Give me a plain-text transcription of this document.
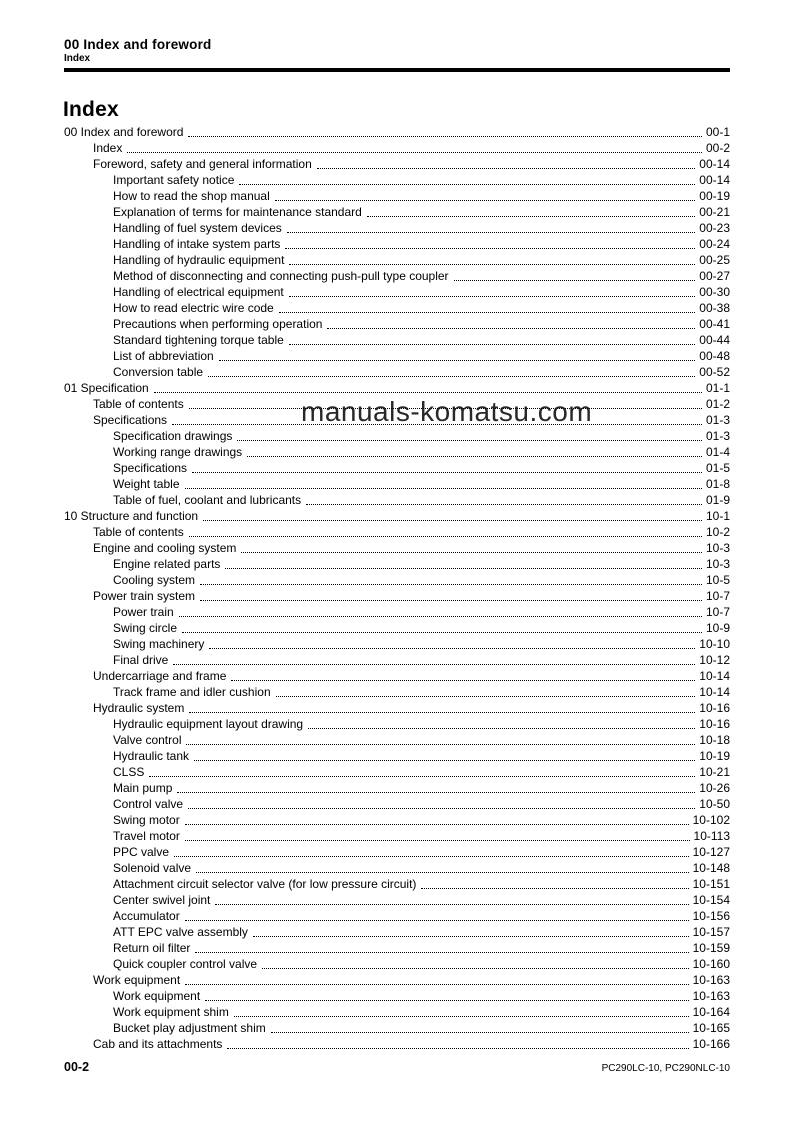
00 Index and foreword
Index
Index
00 Index and foreword	00-1
Index	00-2
Foreword, safety and general information	00-14
Important safety notice	00-14
How to read the shop manual	00-19
Explanation of terms for maintenance standard	00-21
Handling of fuel system devices	00-23
Handling of intake system parts	00-24
Handling of hydraulic equipment	00-25
Method of disconnecting and connecting push-pull type coupler	00-27
Handling of electrical equipment	00-30
How to read electric wire code	00-38
Precautions when performing operation	00-41
Standard tightening torque table	00-44
List of abbreviation	00-48
Conversion table	00-52
01 Specification	01-1
Table of contents	01-2
Specifications	01-3
Specification drawings	01-3
Working range drawings	01-4
Specifications	01-5
Weight table	01-8
Table of fuel, coolant and lubricants	01-9
10 Structure and function	10-1
Table of contents	10-2
Engine and cooling system	10-3
Engine related parts	10-3
Cooling system	10-5
Power train system	10-7
Power train	10-7
Swing circle	10-9
Swing machinery	10-10
Final drive	10-12
Undercarriage and frame	10-14
Track frame and idler cushion	10-14
Hydraulic system	10-16
Hydraulic equipment layout drawing	10-16
Valve control	10-18
Hydraulic tank	10-19
CLSS	10-21
Main pump	10-26
Control valve	10-50
Swing motor	10-102
Travel motor	10-113
PPC valve	10-127
Solenoid valve	10-148
Attachment circuit selector valve (for low pressure circuit)	10-151
Center swivel joint	10-154
Accumulator	10-156
ATT EPC valve assembly	10-157
Return oil filter	10-159
Quick coupler control valve	10-160
Work equipment	10-163
Work equipment	10-163
Work equipment shim	10-164
Bucket play adjustment shim	10-165
Cab and its attachments	10-166
manuals-komatsu.com
00-2	PC290LC-10, PC290NLC-10
